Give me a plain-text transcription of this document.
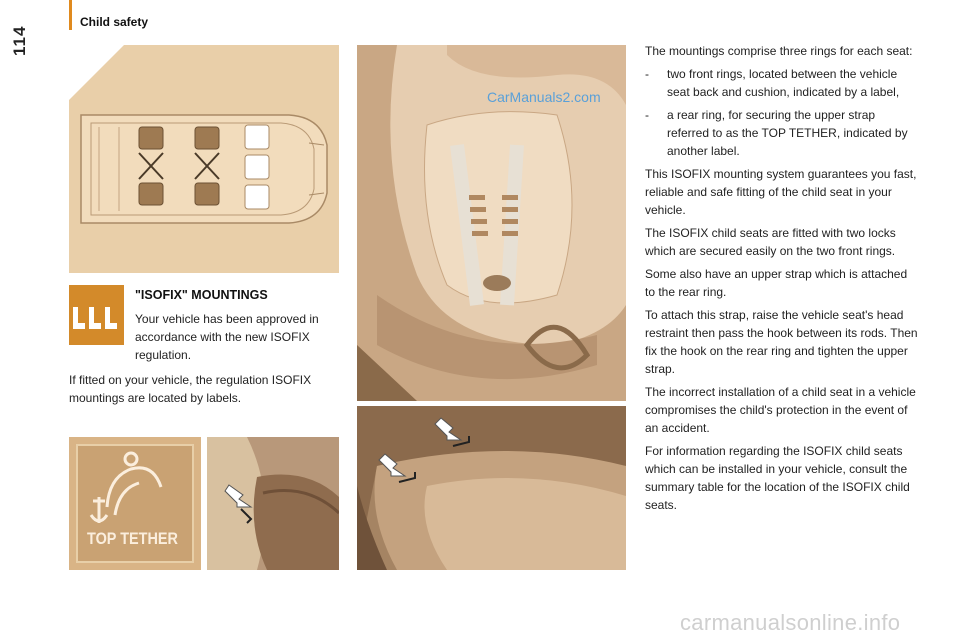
Child safety
114
"ISOFIX" MOUNTINGS
Your vehicle has been approved in accordance with the new ISOFIX regulation.
If fitted on your vehicle, the regulation ISOFIX mountings are located by labels.
TOP TETHER
CarManuals2.com

The mountings comprise three rings for each seat:

-	two front rings, located between the vehicle seat back and cushion, indicated by a label,
-	a rear ring, for securing the upper strap referred to as the TOP TETHER, indicated by another label.

This ISOFIX mounting system guarantees you fast, reliable and safe fitting of the child seat in your vehicle.

The ISOFIX child seats are fitted with two locks which are secured easily on the two front rings.

Some also have an upper strap which is attached to the rear ring.

To attach this strap, raise the vehicle seat's head restraint then pass the hook between its rods. Then fix the hook on the rear ring and tighten the upper strap.

The incorrect installation of a child seat in a vehicle compromises the child's protection in the event of an accident.

For information regarding the ISOFIX child seats which can be installed in your vehicle, consult the summary table for the location of the ISOFIX child seats.

carmanualsonline.info
